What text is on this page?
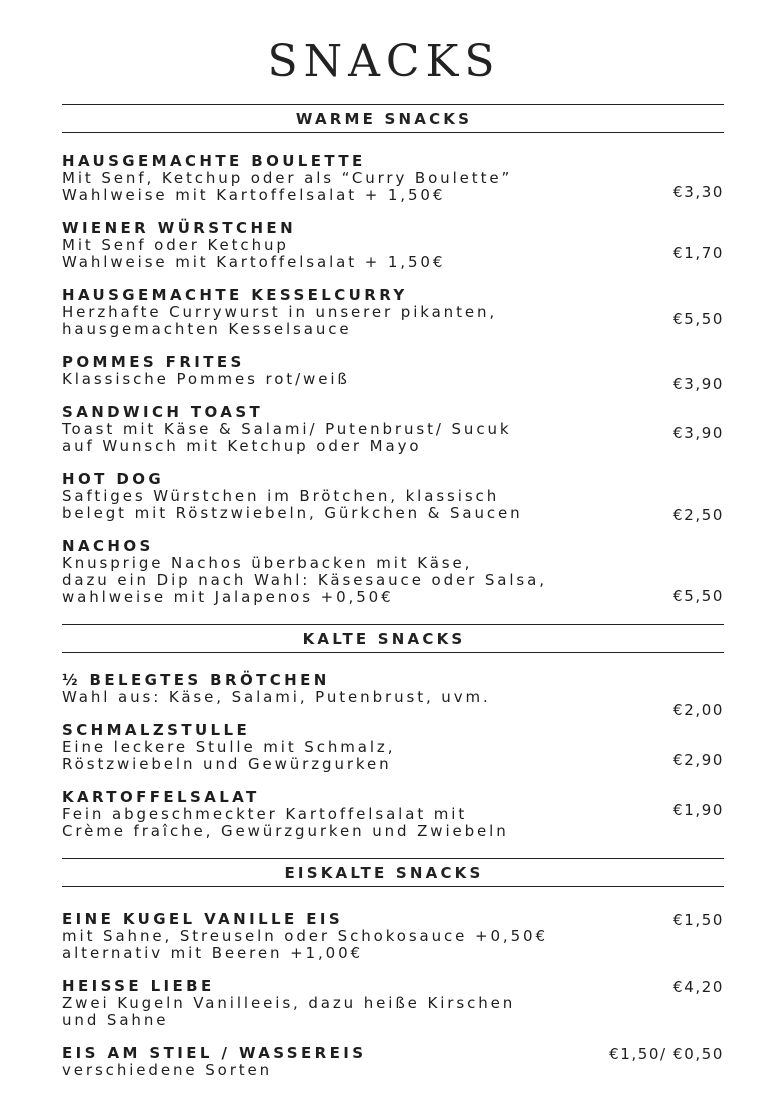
SNACKS
WARME SNACKS
HAUSGEMACHTE BOULETTE
Mit Senf, Ketchup oder als “Curry Boulette”
Wahlweise mit Kartoffelsalat + 1,50€	€3,30
WIENER WÜRSTCHEN
Mit Senf oder Ketchup
Wahlweise mit Kartoffelsalat + 1,50€	€1,70
HAUSGEMACHTE KESSELCURRY
Herzhafte Currywurst in unserer pikanten,
hausgemachten Kesselsauce
€5,50
POMMES FRITES
Klassische Pommes rot/weiß	€3,90
SANDWICH TOAST
Toast mit Käse & Salami/ Putenbrust/ Sucuk
auf Wunsch mit Ketchup oder Mayo
€3,90
HOT DOG
Saftiges Würstchen im Brötchen, klassisch
belegt mit Röstzwiebeln, Gürkchen & Saucen	€2,50
NACHOS
Knusprige Nachos überbacken mit Käse,
dazu ein Dip nach Wahl: Käsesauce oder Salsa,
wahlweise mit Jalapenos +0,50€	€5,50
KALTE SNACKS
½ BELEGTES BRÖTCHEN
Wahl aus: Käse, Salami, Putenbrust, uvm.
€2,00
SCHMALZSTULLE
Eine leckere Stulle mit Schmalz,
Röstzwiebeln und Gewürzgurken	€2,90
KARTOFFELSALAT
Fein abgeschmeckter Kartoffelsalat mit
Crème fraîche, Gewürzgurken und Zwiebeln
€1,90
EISKALTE SNACKS
EINE KUGEL VANILLE EIS
mit Sahne, Streuseln oder Schokosauce +0,50€
alternativ mit Beeren +1,00€
€1,50
HEISSE LIEBE
Zwei Kugeln Vanilleeis, dazu heiße Kirschen
und Sahne
€4,20
EIS AM STIEL / WASSEREIS
verschiedene Sorten
€1,50/ €0,50
